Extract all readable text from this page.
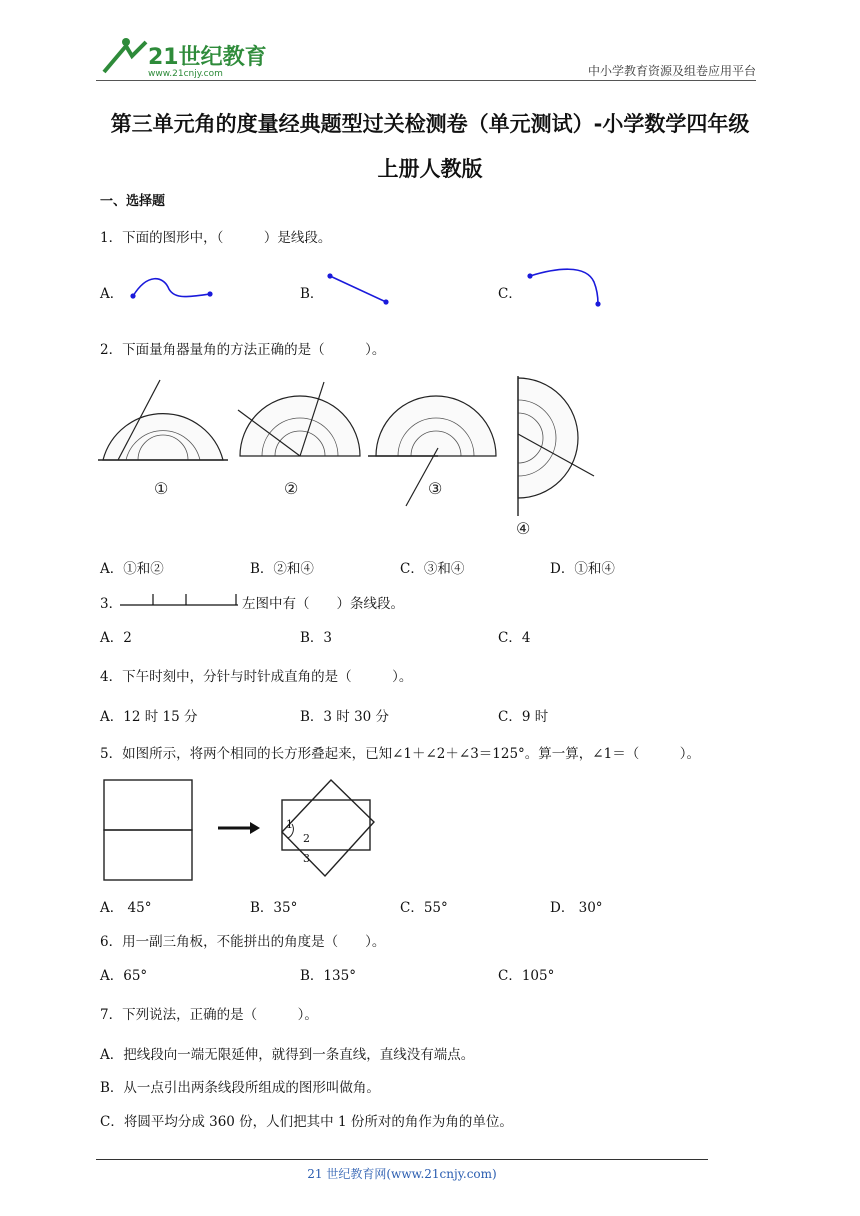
21世纪教育
www.21cnjy.com	中小学教育资源及组卷应用平台
第三单元角的度量经典题型过关检测卷（单元测试）-小学数学四年级
上册人教版
一、选择题
1．下面的图形中，（　　　）是线段。
A．	B．	C．
2．下面量角器量角的方法正确的是（　　　）。
①	②	③
④
A．①和②	B．②和④	C．③和④	D．①和④
3．	左图中有（　　）条线段。
A．2	B．3	C．4
4．下午时刻中，分针与时针成直角的是（　　　）。
A．12 时 15 分	B．3 时 30 分	C．9 时
5．如图所示，将两个相同的长方形叠起来，已知∠1＋∠2＋∠3＝125°。算一算，∠1＝（　　　）。
1
2
3
A． 45°	B．35°	C．55°	D． 30°
6．用一副三角板，不能拼出的角度是（　　）。
A．65°	B．135°	C．105°
7．下列说法，正确的是（　　　）。
A．把线段向一端无限延伸，就得到一条直线，直线没有端点。
B．从一点引出两条线段所组成的图形叫做角。
C．将圆平均分成 360 份，人们把其中 1 份所对的角作为角的单位。
21 世纪教育网(www.21cnjy.com)
